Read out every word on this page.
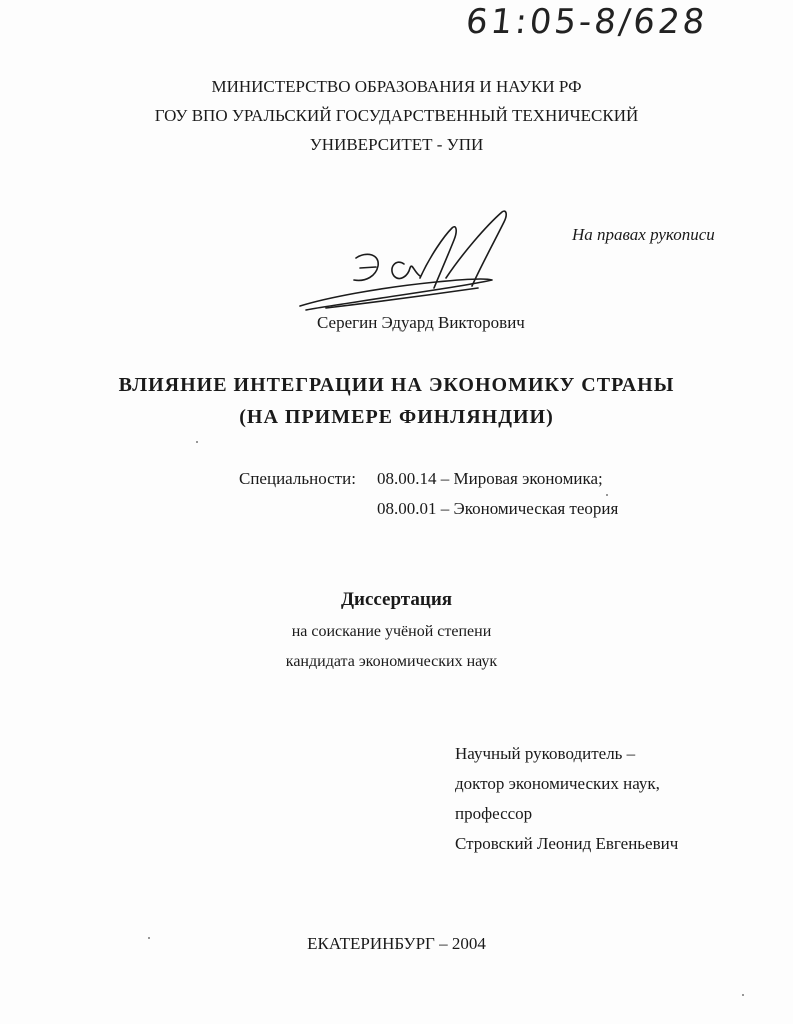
61:05-8/628
МИНИСТЕРСТВО ОБРАЗОВАНИЯ И НАУКИ РФ
ГОУ ВПО УРАЛЬСКИЙ ГОСУДАРСТВЕННЫЙ ТЕХНИЧЕСКИЙ
УНИВЕРСИТЕТ - УПИ
На правах рукописи
Серегин Эдуард Викторович
ВЛИЯНИЕ ИНТЕГРАЦИИ НА ЭКОНОМИКУ СТРАНЫ
(НА ПРИМЕРЕ ФИНЛЯНДИИ)
Специальности: 08.00.14 – Мировая экономика;
08.00.01 – Экономическая теория
Диссертация
на соискание учёной степени
кандидата экономических наук
Научный руководитель –
доктор экономических наук,
профессор
Стровский Леонид Евгеньевич
ЕКАТЕРИНБУРГ – 2004
